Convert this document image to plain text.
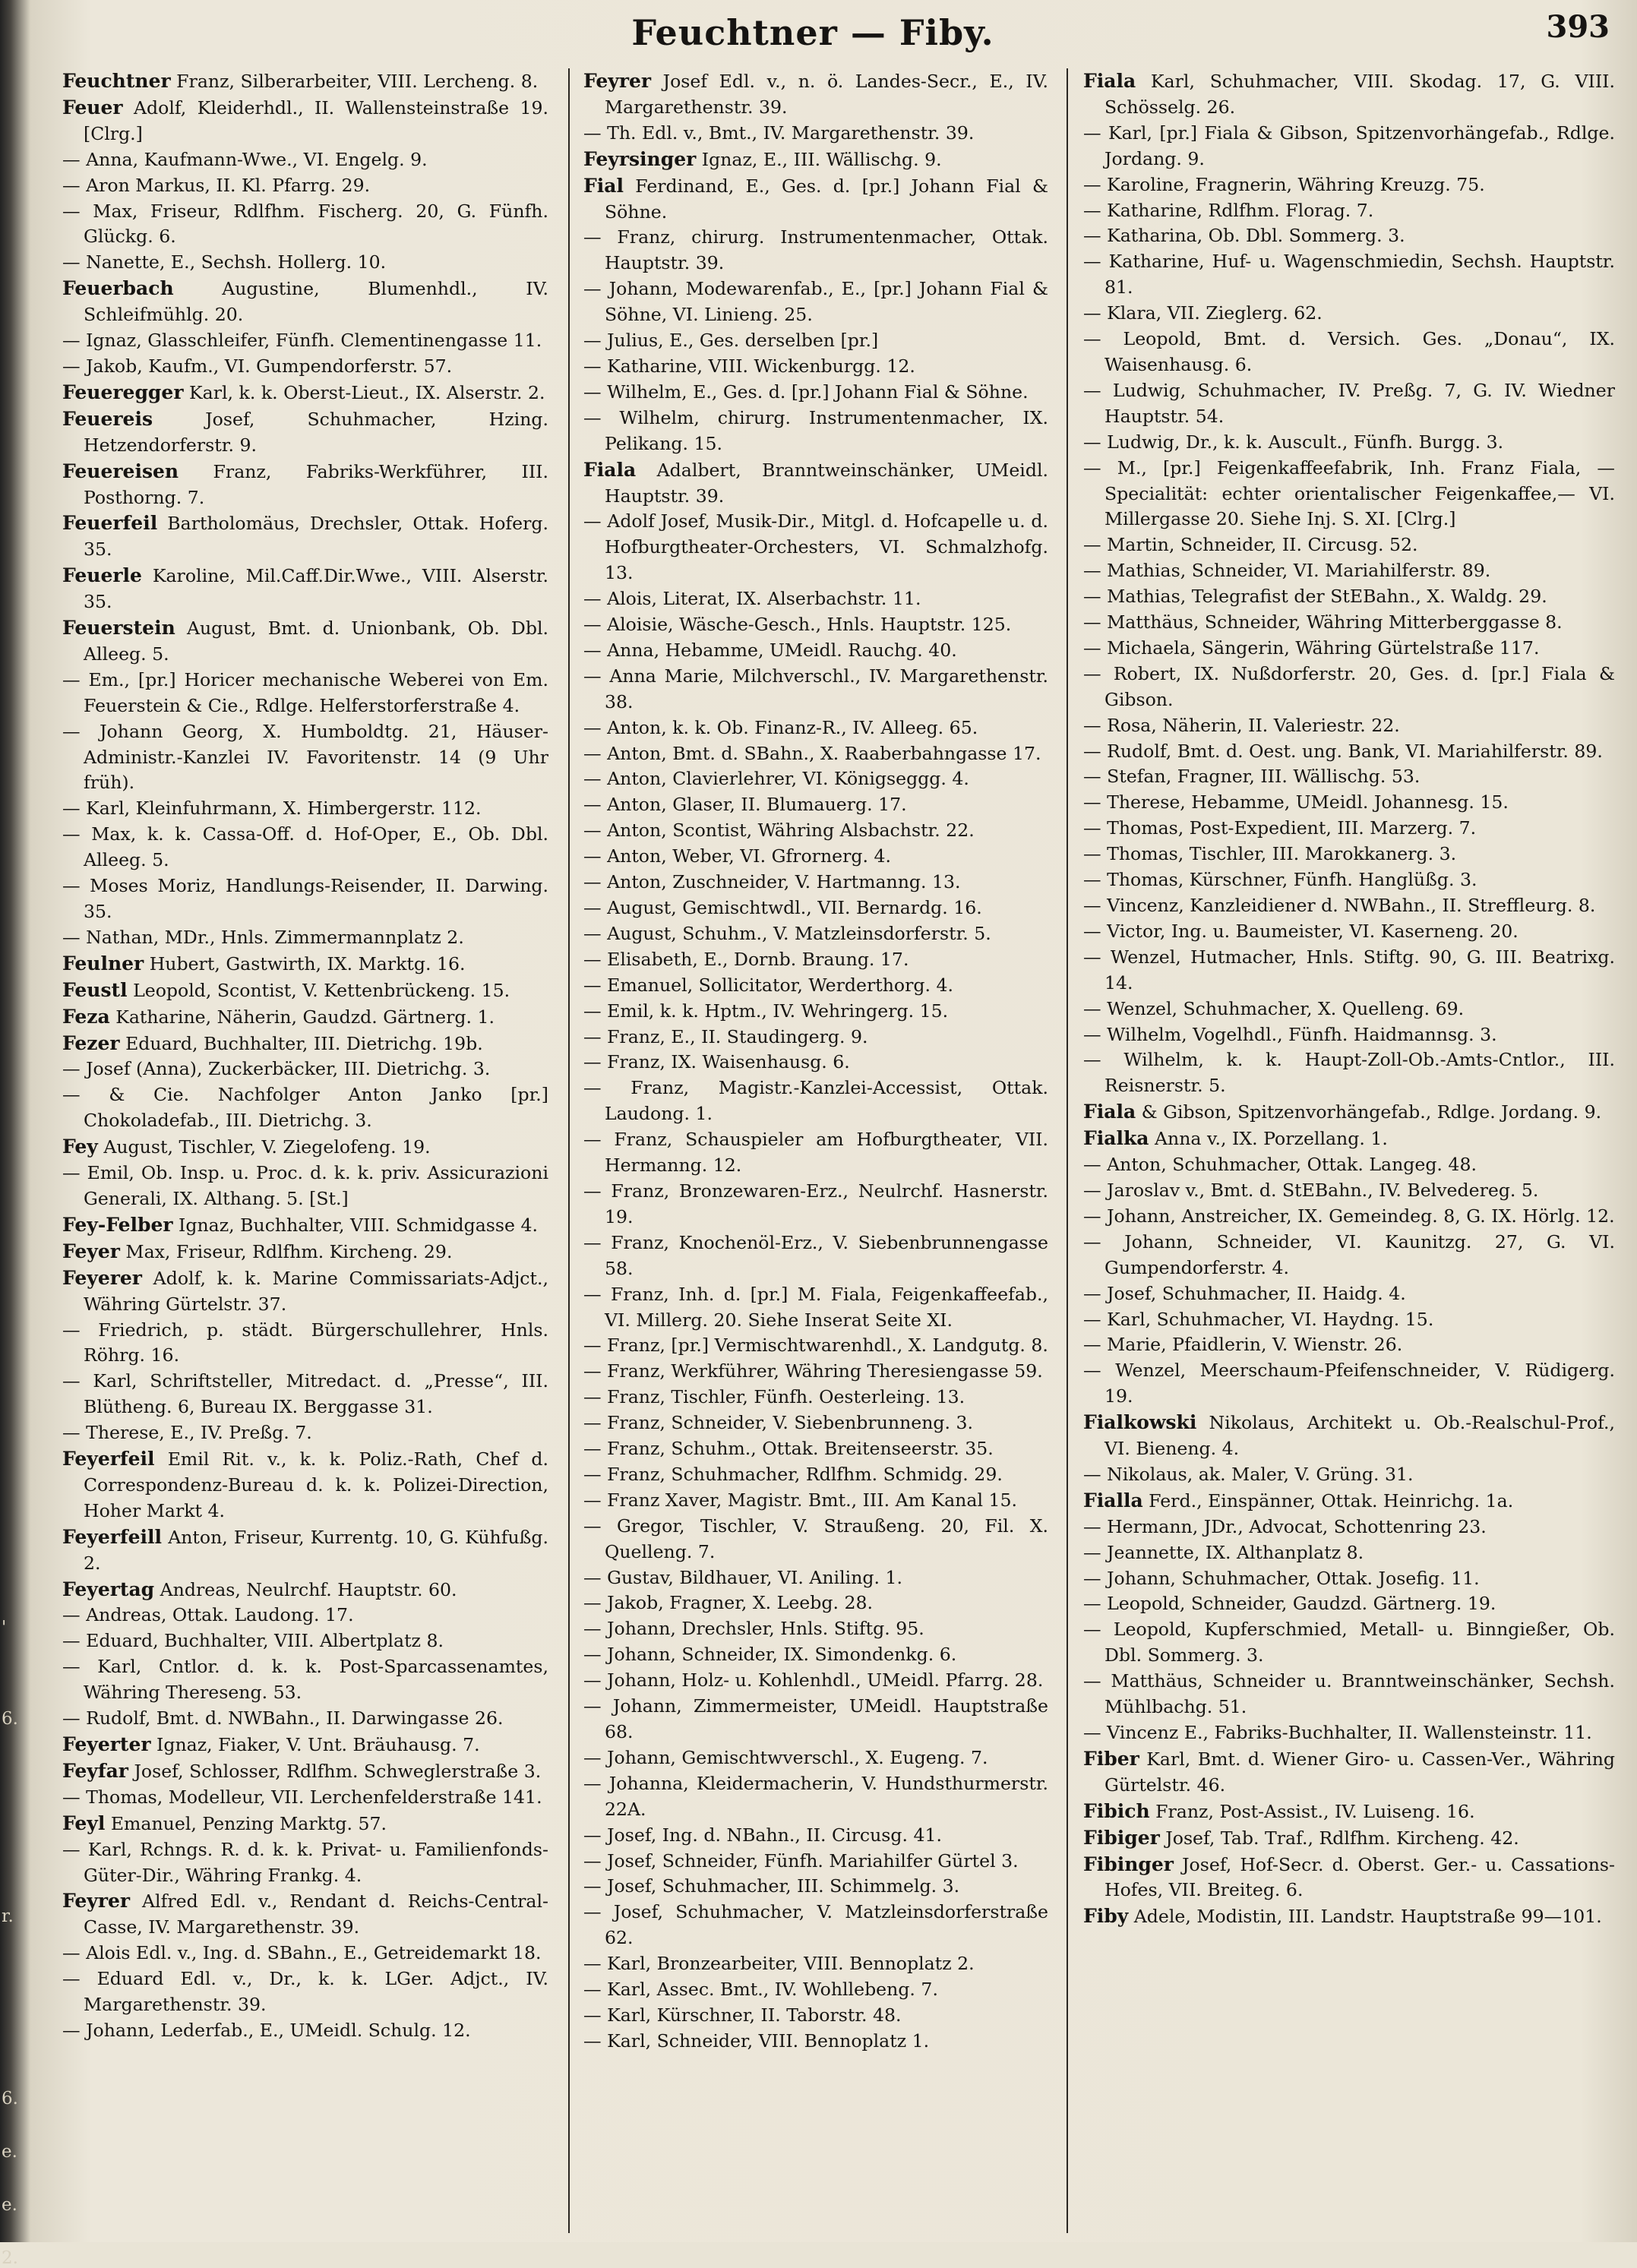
Feuchtner — Fiby.	393
'
6.
r.
6.
e.
e.
2.
Feuchtner Franz, Silberarbeiter, VIII. Lercheng. 8.
Feuer Adolf, Kleiderhdl., II. Wallensteinstraße 19. [Clrg.]
— Anna, Kaufmann-Wwe., VI. Engelg. 9.
— Aron Markus, II. Kl. Pfarrg. 29.
— Max, Friseur, Rdlfhm. Fischerg. 20, G. Fünfh. Glückg. 6.
— Nanette, E., Sechsh. Hollerg. 10.
Feuerbach	Augustine, Blumenhdl., IV. Schleifmühlg. 20.
— Ignaz, Glasschleifer, Fünfh. Clementinengasse 11.
— Jakob, Kaufm., VI. Gumpendorferstr. 57.
Feueregger Karl, k. k. Oberst-Lieut., IX. Alserstr. 2.
Feuereis	Josef, Schuhmacher, Hzing. Hetzendorferstr. 9.
Feuereisen Franz, Fabriks-Werkführer, III. Posthorng. 7.
Feuerfeil Bartholomäus, Drechsler, Ottak. Hoferg. 35.
Feuerle Karoline, Mil.Caff.Dir.Wwe., VIII. Alserstr. 35.
Feuerstein August, Bmt. d. Unionbank, Ob. Dbl. Alleeg. 5.
— Em., [pr.] Horicer mechanische Weberei von Em. Feuerstein & Cie., Rdlge. Helferstorferstraße 4.
— Johann Georg, X. Humboldtg. 21, Häuser-Administr.-Kanzlei IV. Favoritenstr. 14 (9 Uhr früh).
— Karl, Kleinfuhrmann, X. Himbergerstr. 112.
— Max, k. k. Cassa-Off. d. Hof-Oper, E., Ob. Dbl. Alleeg. 5.
— Moses Moriz, Handlungs-Reisender, II. Darwing. 35.
— Nathan, MDr., Hnls. Zimmermannplatz 2.
Feulner Hubert, Gastwirth, IX. Marktg. 16.
Feustl Leopold, Scontist, V. Kettenbrückeng. 15.
Feza Katharine, Näherin, Gaudzd. Gärtnerg. 1.
Fezer Eduard, Buchhalter, III. Dietrichg. 19b.
— Josef (Anna), Zuckerbäcker, III. Dietrichg. 3.
— & Cie. Nachfolger Anton Janko [pr.] Chokoladefab., III. Dietrichg. 3.
Fey August, Tischler, V. Ziegelofeng. 19.
— Emil, Ob. Insp. u. Proc. d. k. k. priv. Assicurazioni Generali, IX. Althang. 5. [St.]
Fey-Felber Ignaz, Buchhalter, VIII. Schmidgasse 4.
Feyer Max, Friseur, Rdlfhm. Kircheng. 29.
Feyerer Adolf, k. k. Marine Commissariats-Adjct., Währing Gürtelstr. 37.
— Friedrich, p. städt. Bürgerschullehrer, Hnls. Röhrg. 16.
— Karl, Schriftsteller, Mitredact. d. „Presse“, III. Blütheng. 6, Bureau IX. Berggasse 31.
— Therese, E., IV. Preßg. 7.
Feyerfeil Emil Rit. v., k. k. Poliz.-Rath, Chef d. Correspondenz-Bureau d. k. k. Polizei-Direction, Hoher Markt 4.
Feyerfeill Anton, Friseur, Kurrentg. 10, G. Kühfußg. 2.
Feyertag Andreas, Neulrchf. Hauptstr. 60.
— Andreas, Ottak. Laudong. 17.
— Eduard, Buchhalter, VIII. Albertplatz 8.
— Karl, Cntlor. d. k. k. Post-Sparcassenamtes, Währing Thereseng. 53.
— Rudolf, Bmt. d. NWBahn., II. Darwingasse 26.
Feyerter Ignaz, Fiaker, V. Unt. Bräuhausg. 7.
Feyfar Josef, Schlosser, Rdlfhm. Schweglerstraße 3.
— Thomas, Modelleur, VII. Lerchenfelderstraße 141.
Feyl Emanuel, Penzing Marktg. 57.
— Karl, Rchngs. R. d. k. k. Privat- u. Familienfonds-Güter-Dir., Währing Frankg. 4.
Feyrer Alfred Edl. v., Rendant d. Reichs-Central-Casse, IV. Margarethenstr. 39.
— Alois Edl. v., Ing. d. SBahn., E., Getreidemarkt 18.
— Eduard Edl. v., Dr., k. k. LGer. Adjct., IV. Margarethenstr. 39.
— Johann, Lederfab., E., UMeidl. Schulg. 12.
Feyrer Josef Edl. v., n. ö. Landes-Secr., E., IV. Margarethenstr. 39.
— Th. Edl. v., Bmt., IV. Margarethenstr. 39.
Feyrsinger Ignaz, E., III. Wällischg. 9.
Fial Ferdinand, E., Ges. d. [pr.] Johann Fial & Söhne.
— Franz, chirurg. Instrumentenmacher, Ottak. Hauptstr. 39.
— Johann, Modewarenfab., E., [pr.] Johann Fial & Söhne, VI. Linieng. 25.
— Julius, E., Ges. derselben [pr.]
— Katharine, VIII. Wickenburgg. 12.
— Wilhelm, E., Ges. d. [pr.] Johann Fial & Söhne.
— Wilhelm, chirurg. Instrumentenmacher, IX. Pelikang. 15.
Fiala Adalbert, Branntweinschänker, UMeidl. Hauptstr. 39.
— Adolf Josef, Musik-Dir., Mitgl. d. Hofcapelle u. d. Hofburgtheater-Orchesters, VI. Schmalzhofg. 13.
— Alois, Literat, IX. Alserbachstr. 11.
— Aloisie, Wäsche-Gesch., Hnls. Hauptstr. 125.
— Anna, Hebamme, UMeidl. Rauchg. 40.
— Anna Marie, Milchverschl., IV. Margarethenstr. 38.
— Anton, k. k. Ob. Finanz-R., IV. Alleeg. 65.
— Anton, Bmt. d. SBahn., X. Raaberbahngasse 17.
— Anton, Clavierlehrer, VI. Königseggg. 4.
— Anton, Glaser, II. Blumauerg. 17.
— Anton, Scontist, Währing Alsbachstr. 22.
— Anton, Weber, VI. Gfrornerg. 4.
— Anton, Zuschneider, V. Hartmanng. 13.
— August, Gemischtwdl., VII. Bernardg. 16.
— August, Schuhm., V. Matzleinsdorferstr. 5.
— Elisabeth, E., Dornb. Braung. 17.
— Emanuel, Sollicitator, Werderthorg. 4.
— Emil, k. k. Hptm., IV. Wehringerg. 15.
— Franz, E., II. Staudingerg. 9.
— Franz, IX. Waisenhausg. 6.
— Franz, Magistr.-Kanzlei-Accessist, Ottak. Laudong. 1.
— Franz, Schauspieler am Hofburgtheater, VII. Hermanng. 12.
— Franz, Bronzewaren-Erz., Neulrchf. Hasnerstr. 19.
— Franz, Knochenöl-Erz., V. Siebenbrunnengasse 58.
— Franz, Inh. d. [pr.] M. Fiala, Feigenkaffeefab., VI. Millerg. 20. Siehe Inserat Seite XI.
— Franz, [pr.] Vermischtwarenhdl., X. Landgutg. 8.
— Franz, Werkführer, Währing Theresiengasse 59.
— Franz, Tischler, Fünfh. Oesterleing. 13.
— Franz, Schneider, V. Siebenbrunneng. 3.
— Franz, Schuhm., Ottak. Breitenseerstr. 35.
— Franz, Schuhmacher, Rdlfhm. Schmidg. 29.
— Franz Xaver, Magistr. Bmt., III. Am Kanal 15.
— Gregor, Tischler, V. Straußeng. 20, Fil. X. Quelleng. 7.
— Gustav, Bildhauer, VI. Aniling. 1.
— Jakob, Fragner, X. Leebg. 28.
— Johann, Drechsler, Hnls. Stiftg. 95.
— Johann, Schneider, IX. Simondenkg. 6.
— Johann, Holz- u. Kohlenhdl., UMeidl. Pfarrg. 28.
— Johann, Zimmermeister, UMeidl. Hauptstraße 68.
— Johann, Gemischtwverschl., X. Eugeng. 7.
— Johanna, Kleidermacherin, V. Hundsthurmerstr. 22A.
— Josef, Ing. d. NBahn., II. Circusg. 41.
— Josef, Schneider, Fünfh. Mariahilfer Gürtel 3.
— Josef, Schuhmacher, III. Schimmelg. 3.
— Josef, Schuhmacher, V. Matzleinsdorferstraße 62.
— Karl, Bronzearbeiter, VIII. Bennoplatz 2.
— Karl, Assec. Bmt., IV. Wohllebeng. 7.
— Karl, Kürschner, II. Taborstr. 48.
— Karl, Schneider, VIII. Bennoplatz 1.
Fiala Karl, Schuhmacher, VIII. Skodag. 17, G. VIII. Schösselg. 26.
— Karl, [pr.] Fiala & Gibson, Spitzenvorhängefab., Rdlge. Jordang. 9.
— Karoline, Fragnerin, Währing Kreuzg. 75.
— Katharine, Rdlfhm. Florag. 7.
— Katharina, Ob. Dbl. Sommerg. 3.
— Katharine, Huf- u. Wagenschmiedin, Sechsh. Hauptstr. 81.
— Klara, VII. Zieglerg. 62.
— Leopold, Bmt. d. Versich. Ges. „Donau“, IX. Waisenhausg. 6.
— Ludwig, Schuhmacher, IV. Preßg. 7, G. IV. Wiedner Hauptstr. 54.
— Ludwig, Dr., k. k. Auscult., Fünfh. Burgg. 3.
— M., [pr.] Feigenkaffeefabrik, Inh. Franz Fiala, —Specialität: echter orientalischer Feigenkaffee,— VI. Millergasse 20. Siehe Inj. S. XI. [Clrg.]
— Martin, Schneider, II. Circusg. 52.
— Mathias, Schneider, VI. Mariahilferstr. 89.
— Mathias, Telegrafist der StEBahn., X. Waldg. 29.
— Matthäus, Schneider, Währing Mitterberggasse 8.
— Michaela, Sängerin, Währing Gürtelstraße 117.
— Robert, IX. Nußdorferstr. 20, Ges. d. [pr.] Fiala & Gibson.
— Rosa, Näherin, II. Valeriestr. 22.
— Rudolf, Bmt. d. Oest. ung. Bank, VI. Mariahilferstr. 89.
— Stefan, Fragner, III. Wällischg. 53.
— Therese, Hebamme, UMeidl. Johannesg. 15.
— Thomas, Post-Expedient, III. Marzerg. 7.
— Thomas, Tischler, III. Marokkanerg. 3.
— Thomas, Kürschner, Fünfh. Hanglüßg. 3.
— Vincenz, Kanzleidiener d. NWBahn., II. Streffleurg. 8.
— Victor, Ing. u. Baumeister, VI. Kaserneng. 20.
— Wenzel, Hutmacher, Hnls. Stiftg. 90, G. III. Beatrixg. 14.
— Wenzel, Schuhmacher, X. Quelleng. 69.
— Wilhelm, Vogelhdl., Fünfh. Haidmannsg. 3.
— Wilhelm, k. k. Haupt-Zoll-Ob.-Amts-Cntlor., III. Reisnerstr. 5.
Fiala & Gibson, Spitzenvorhängefab., Rdlge. Jordang. 9.
Fialka Anna v., IX. Porzellang. 1.
— Anton, Schuhmacher, Ottak. Langeg. 48.
— Jaroslav v., Bmt. d. StEBahn., IV. Belvedereg. 5.
— Johann, Anstreicher, IX. Gemeindeg. 8, G. IX. Hörlg. 12.
— Johann, Schneider, VI. Kaunitzg. 27, G. VI. Gumpendorferstr. 4.
— Josef, Schuhmacher, II. Haidg. 4.
— Karl, Schuhmacher, VI. Haydng. 15.
— Marie, Pfaidlerin, V. Wienstr. 26.
— Wenzel, Meerschaum-Pfeifenschneider, V. Rüdigerg. 19.
Fialkowski Nikolaus, Architekt u. Ob.-Realschul-Prof., VI. Bieneng. 4.
— Nikolaus, ak. Maler, V. Grüng. 31.
Fialla Ferd., Einspänner, Ottak. Heinrichg. 1a.
— Hermann, JDr., Advocat, Schottenring 23.
— Jeannette, IX. Althanplatz 8.
— Johann, Schuhmacher, Ottak. Josefig. 11.
— Leopold, Schneider, Gaudzd. Gärtnerg. 19.
— Leopold, Kupferschmied, Metall- u. Binngießer, Ob. Dbl. Sommerg. 3.
— Matthäus, Schneider u. Branntweinschänker, Sechsh. Mühlbachg. 51.
— Vincenz E., Fabriks-Buchhalter, II. Wallensteinstr. 11.
Fiber Karl, Bmt. d. Wiener Giro- u. Cassen-Ver., Währing Gürtelstr. 46.
Fibich Franz, Post-Assist., IV. Luiseng. 16.
Fibiger Josef, Tab. Traf., Rdlfhm. Kircheng. 42.
Fibinger Josef, Hof-Secr. d. Oberst. Ger.- u. Cassations-Hofes, VII. Breiteg. 6.
Fiby Adele, Modistin, III. Landstr. Hauptstraße 99—101.
